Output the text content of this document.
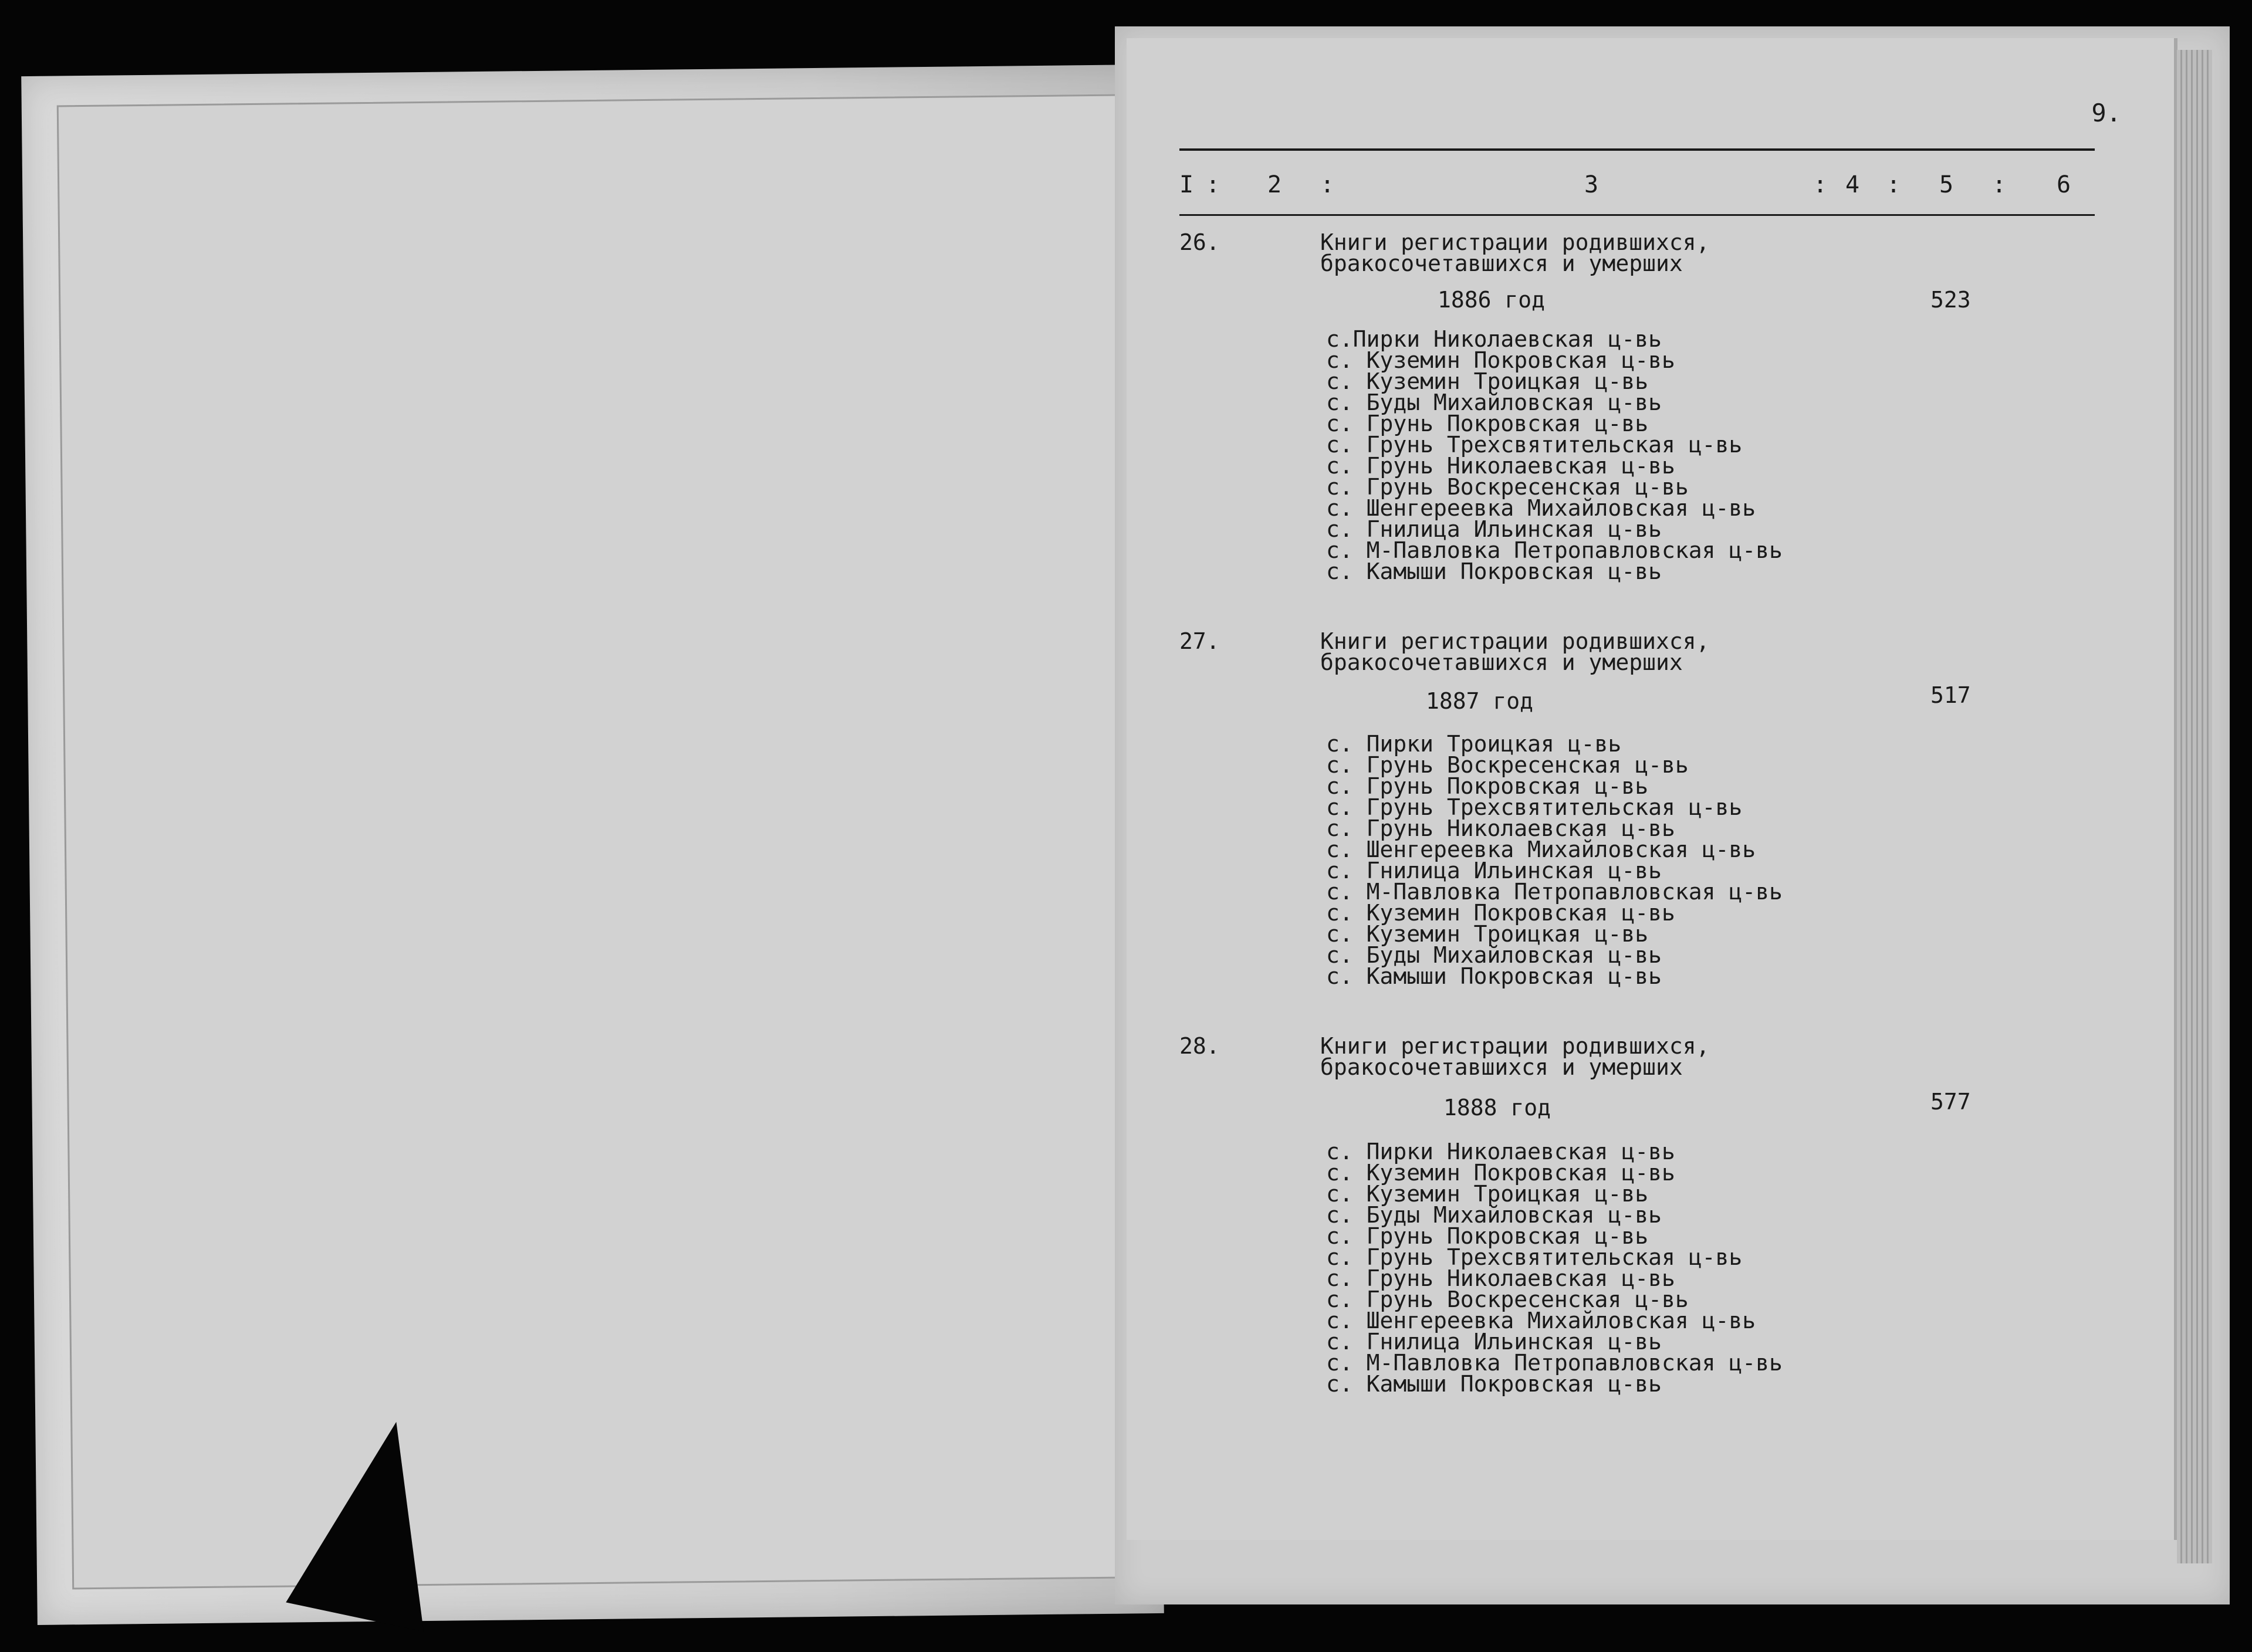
9.
I : 2 :	3	: 4 : 5 : 6
26.	Книги регистрации родившихся,
бракосочетавшихся и умерших
1886 год	523
с.Пирки Николаевская ц-вь
с. Куземин Покровская ц-вь
с. Куземин Троицкая ц-вь
с. Буды Михайловская ц-вь
с. Грунь Покровская ц-вь
с. Грунь Трехсвятительская ц-вь
с. Грунь Николаевская ц-вь
с. Грунь Воскресенская ц-вь
с. Шенгереевка Михайловская ц-вь
с. Гнилица Ильинская ц-вь
с. М-Павловка Петропавловская ц-вь
с. Камыши Покровская ц-вь
27.	Книги регистрации родившихся,
бракосочетавшихся и умерших
1887 год	517
с. Пирки Троицкая ц-вь
с. Грунь Воскресенская ц-вь
с. Грунь Покровская ц-вь
с. Грунь Трехсвятительская ц-вь
с. Грунь Николаевская ц-вь
с. Шенгереевка Михайловская ц-вь
с. Гнилица Ильинская ц-вь
с. М-Павловка Петропавловская ц-вь
с. Куземин Покровская ц-вь
с. Куземин Троицкая ц-вь
с. Буды Михайловская ц-вь
с. Камыши Покровская ц-вь
28.	Книги регистрации родившихся,
бракосочетавшихся и умерших
1888 год	577
с. Пирки Николаевская ц-вь
с. Куземин Покровская ц-вь
с. Куземин Троицкая ц-вь
с. Буды Михайловская ц-вь
с. Грунь Покровская ц-вь
с. Грунь Трехсвятительская ц-вь
с. Грунь Николаевская ц-вь
с. Грунь Воскресенская ц-вь
с. Шенгереевка Михайловская ц-вь
с. Гнилица Ильинская ц-вь
с. М-Павловка Петропавловская ц-вь
с. Камыши Покровская ц-вь
